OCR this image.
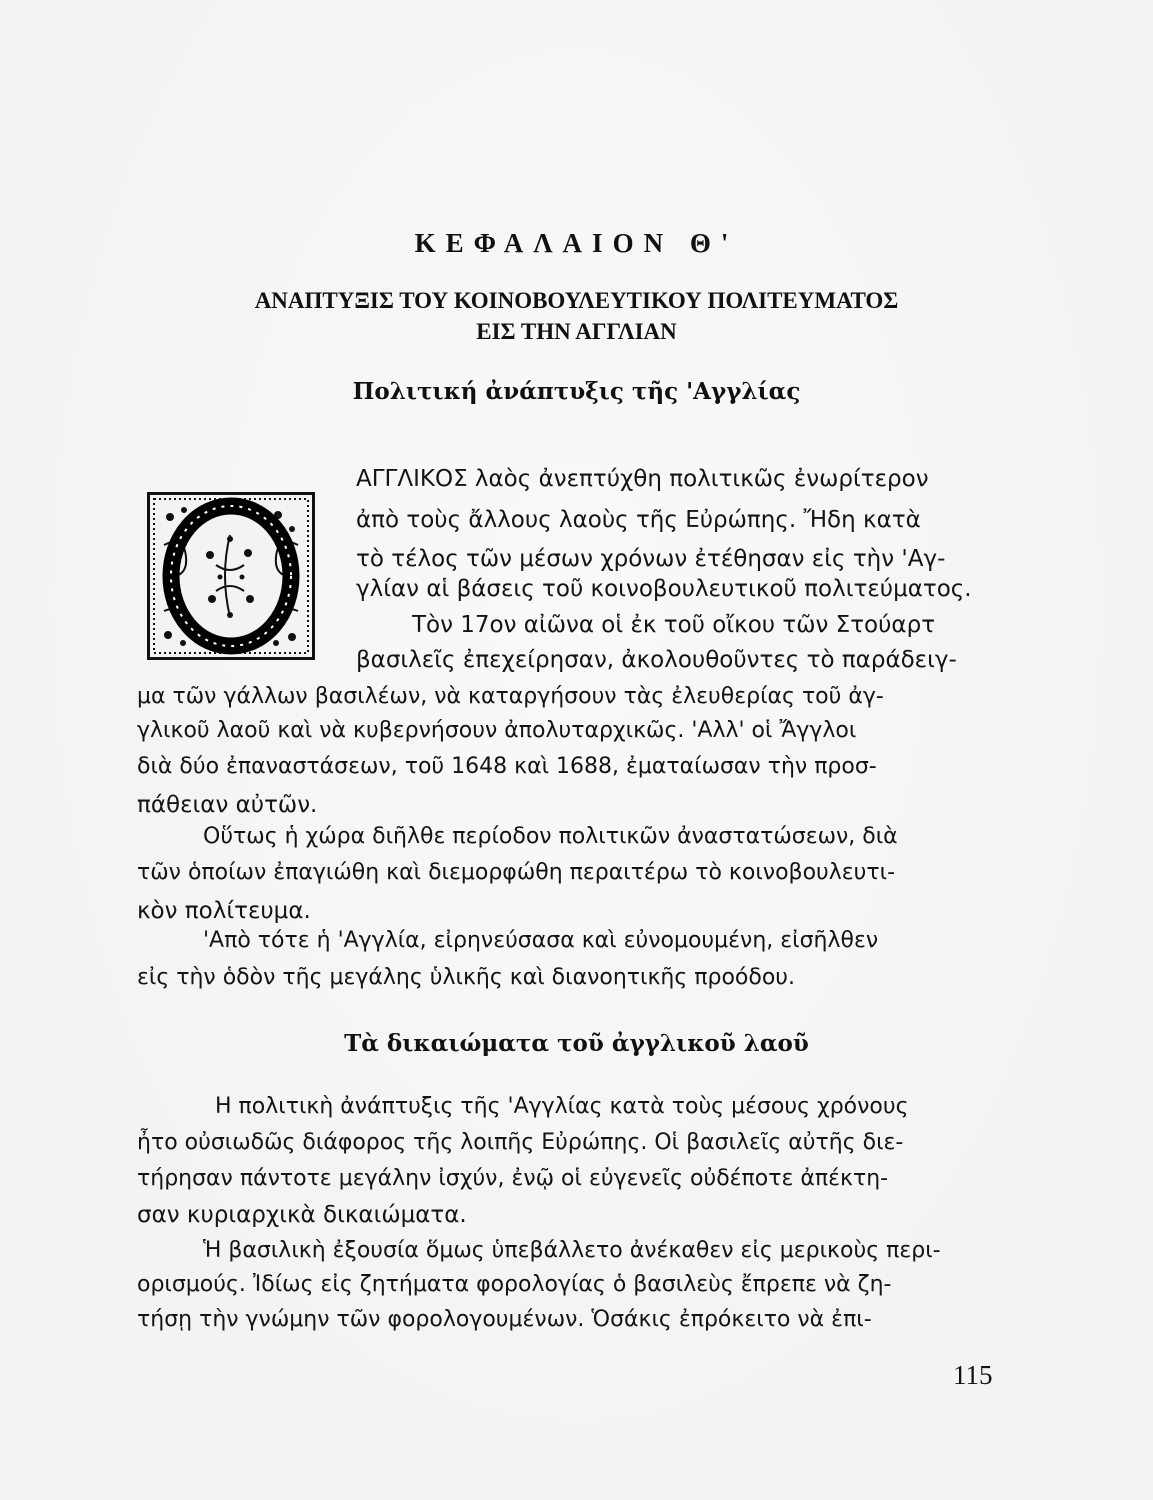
ΚΕΦΑΛΑΙΟΝ Θ'
ΑΝΑΠΤΥΞΙΣ ΤΟΥ ΚΟΙΝΟΒΟΥΛΕΥΤΙΚΟΥ ΠΟΛΙΤΕΥΜΑΤΟΣ
ΕΙΣ ΤΗΝ ΑΓΓΛΙΑΝ
Πολιτική ἀνάπτυξις τῆς 'Αγγλίας
ΑΓΓΛΙΚΟΣ λαὸς ἀνεπτύχθη πολιτικῶς ἐνωρίτερον
ἀπὸ τοὺς ἄλλους λαοὺς τῆς Εὐρώπης. Ἤδη κατὰ
τὸ τέλος τῶν μέσων χρόνων ἐτέθησαν εἰς τὴν 'Αγ-
γλίαν αἱ βάσεις τοῦ κοινοβουλευτικοῦ πολιτεύματος.
Τὸν 17ον αἰῶνα οἱ ἐκ τοῦ οἴκου τῶν Στούαρτ
βασιλεῖς ἐπεχείρησαν, ἀκολουθοῦντες τὸ παράδειγ-
μα τῶν γάλλων βασιλέων, νὰ καταργήσουν τὰς ἐλευθερίας τοῦ ἀγ-
γλικοῦ λαοῦ καὶ νὰ κυβερνήσουν ἀπολυταρχικῶς. 'Αλλ' οἱ Ἄγγλοι
διὰ δύο ἐπαναστάσεων, τοῦ 1648 καὶ 1688, ἐματαίωσαν τὴν προσ-
πάθειαν αὐτῶν.
Οὕτως ἡ χώρα διῆλθε περίοδον πολιτικῶν ἀναστατώσεων, διὰ
τῶν ὁποίων ἐπαγιώθη καὶ διεμορφώθη περαιτέρω τὸ κοινοβουλευτι-
κὸν πολίτευμα.
'Απὸ τότε ἡ 'Αγγλία, εἰρηνεύσασα καὶ εὐνομουμένη, εἰσῆλθεν
εἰς τὴν ὁδὸν τῆς μεγάλης ὑλικῆς καὶ διανοητικῆς προόδου.
Τὰ δικαιώματα τοῦ ἀγγλικοῦ λαοῦ
Η πολιτικὴ ἀνάπτυξις τῆς 'Αγγλίας κατὰ τοὺς μέσους χρόνους
ἦτο οὐσιωδῶς διάφορος τῆς λοιπῆς Εὐρώπης. Οἱ βασιλεῖς αὐτῆς διε-
τήρησαν πάντοτε μεγάλην ἰσχύν, ἐνῷ οἱ εὐγενεῖς οὐδέποτε ἀπέκτη-
σαν κυριαρχικὰ δικαιώματα.
Ἡ βασιλικὴ ἐξουσία ὅμως ὑπεβάλλετο ἀνέκαθεν εἰς μερικοὺς περι-
ορισμούς. Ἰδίως εἰς ζητήματα φορολογίας ὁ βασιλεὺς ἔπρεπε νὰ ζη-
τήσῃ τὴν γνώμην τῶν φορολογουμένων. Ὁσάκις ἐπρόκειτο νὰ ἐπι-
115
